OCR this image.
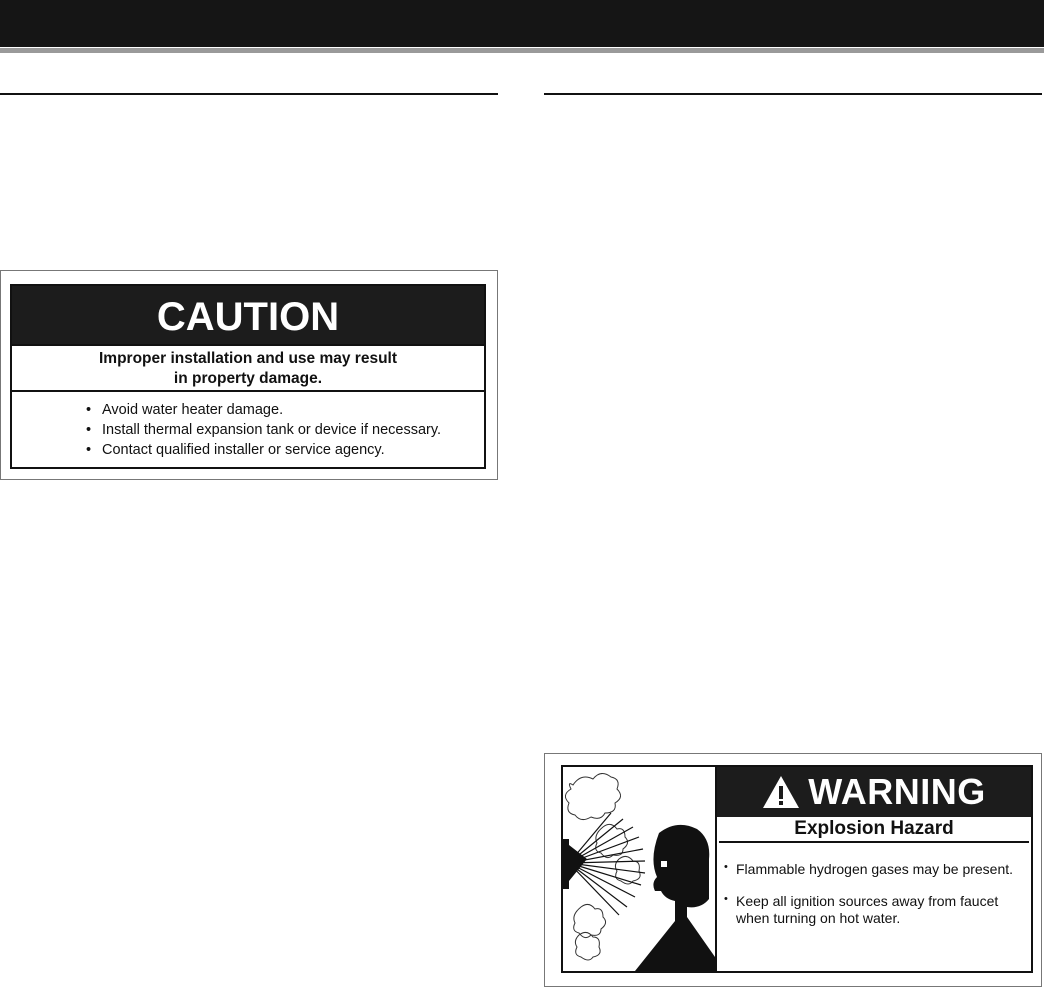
CAUTION
Improper installation and use may result
in property damage.
• Avoid water heater damage.
• Install thermal expansion tank or device if necessary.
• Contact qualified installer or service agency.
WARNING
Explosion Hazard
• Flammable hydrogen gases may be present.
• Keep all ignition sources away from faucet when turning on hot water.
